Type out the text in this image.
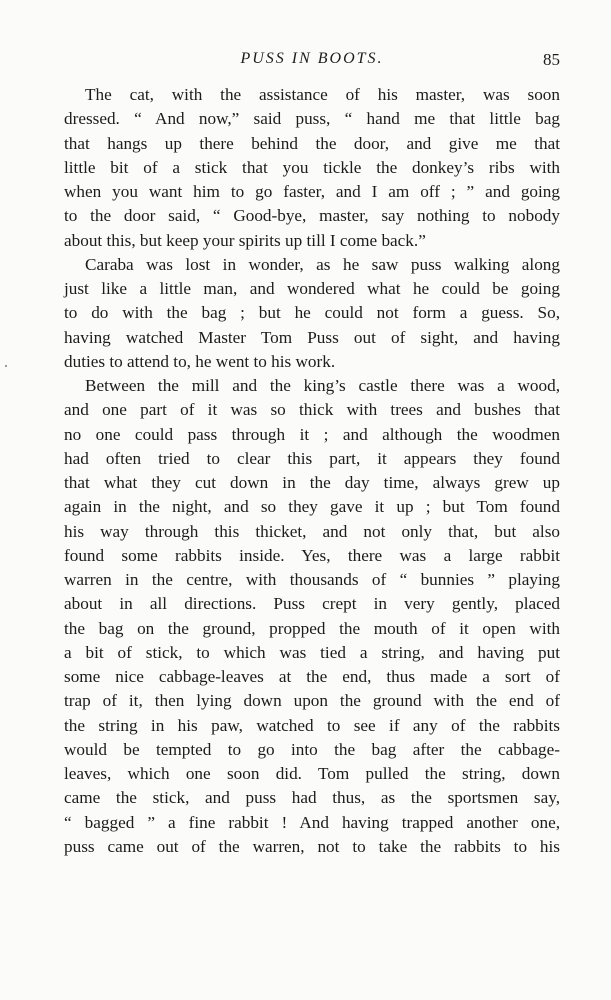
PUSS IN BOOTS.	85
The cat, with the assistance of his master, was soon
dressed. “ And now,” said puss, “ hand me that little bag
that hangs up there behind the door, and give me that
little bit of a stick that you tickle the donkey’s ribs with
when you want him to go faster, and I am off ; ” and going
to the door said, “ Good-bye, master, say nothing to nobody
about this, but keep your spirits up till I come back.”
Caraba was lost in wonder, as he saw puss walking along
just like a little man, and wondered what he could be going
to do with the bag ; but he could not form a guess. So,
having watched Master Tom Puss out of sight, and having
duties to attend to, he went to his work.
Between the mill and the king’s castle there was a wood,
and one part of it was so thick with trees and bushes that
no one could pass through it ; and although the woodmen
had often tried to clear this part, it appears they found
that what they cut down in the day time, always grew up
again in the night, and so they gave it up ; but Tom found
his way through this thicket, and not only that, but also
found some rabbits inside. Yes, there was a large rabbit
warren in the centre, with thousands of “ bunnies ” playing
about in all directions. Puss crept in very gently, placed
the bag on the ground, propped the mouth of it open with
a bit of stick, to which was tied a string, and having put
some nice cabbage-leaves at the end, thus made a sort of
trap of it, then lying down upon the ground with the end of
the string in his paw, watched to see if any of the rabbits
would be tempted to go into the bag after the cabbage-
leaves, which one soon did. Tom pulled the string, down
came the stick, and puss had thus, as the sportsmen say,
“ bagged ” a fine rabbit ! And having trapped another one,
puss came out of the warren, not to take the rabbits to his
